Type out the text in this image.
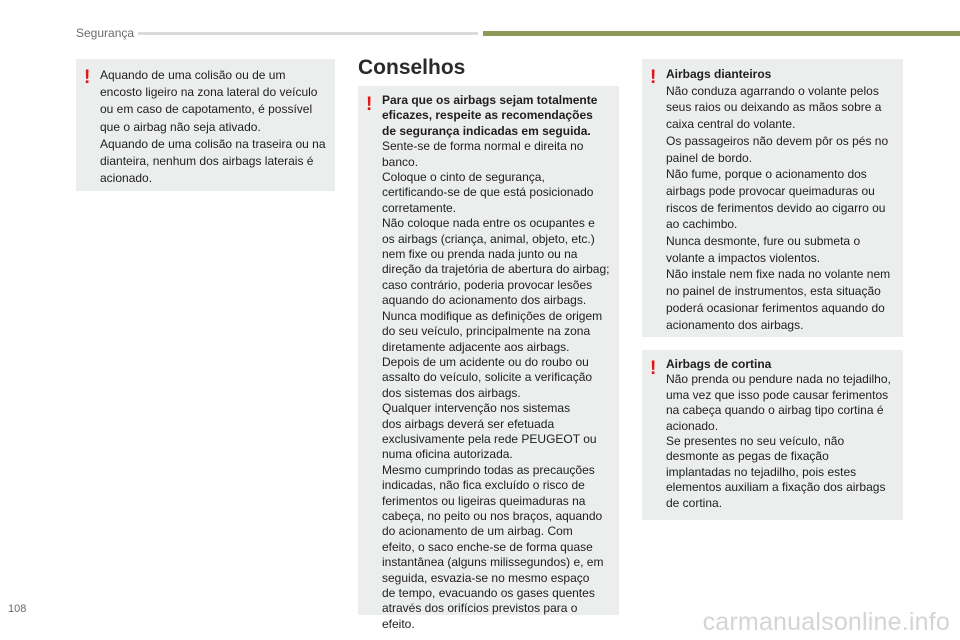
Segurança
! Aquando de uma colisão ou de um

encosto ligeiro na zona lateral do veículo

ou em caso de capotamento, é possível

que o airbag não seja ativado.

Aquando de uma colisão na traseira ou na

dianteira, nenhum dos airbags laterais é

acionado.

Conselhos
! Para que os airbags sejam totalmente

eficazes, respeite as recomendações

de segurança indicadas em seguida.

Sente-se de forma normal e direita no

banco.

Coloque o cinto de segurança,

certificando-se de que está posicionado

corretamente.

Não coloque nada entre os ocupantes e

os airbags (criança, animal, objeto, etc.)

nem fixe ou prenda nada junto ou na

direção da trajetória de abertura do airbag;

caso contrário, poderia provocar lesões

aquando do acionamento dos airbags.

Nunca modifique as definições de origem

do seu veículo, principalmente na zona

diretamente adjacente aos airbags.

Depois de um acidente ou do roubo ou

assalto do veículo, solicite a verificação

dos sistemas dos airbags.

Qualquer intervenção nos sistemas

dos airbags deverá ser efetuada

exclusivamente pela rede PEUGEOT ou

numa oficina autorizada.

Mesmo cumprindo todas as precauções

indicadas, não fica excluído o risco de

ferimentos ou ligeiras queimaduras na

cabeça, no peito ou nos braços, aquando

do acionamento de um airbag. Com

efeito, o saco enche-se de forma quase

instantânea (alguns milissegundos) e, em

seguida, esvazia-se no mesmo espaço

de tempo, evacuando os gases quentes

através dos orifícios previstos para o

efeito.

! Airbags dianteiros

Não conduza agarrando o volante pelos

seus raios ou deixando as mãos sobre a

caixa central do volante.

Os passageiros não devem pôr os pés no

painel de bordo.

Não fume, porque o acionamento dos

airbags pode provocar queimaduras ou

riscos de ferimentos devido ao cigarro ou

ao cachimbo.

Nunca desmonte, fure ou submeta o

volante a impactos violentos.

Não instale nem fixe nada no volante nem

no painel de instrumentos, esta situação

poderá ocasionar ferimentos aquando do

acionamento dos airbags.

! Airbags de cortina

Não prenda ou pendure nada no tejadilho,

uma vez que isso pode causar ferimentos

na cabeça quando o airbag tipo cortina é

acionado.

Se presentes no seu veículo, não

desmonte as pegas de fixação

implantadas no tejadilho, pois estes

elementos auxiliam a fixação dos airbags

de cortina.

108	carmanualsonline.info
